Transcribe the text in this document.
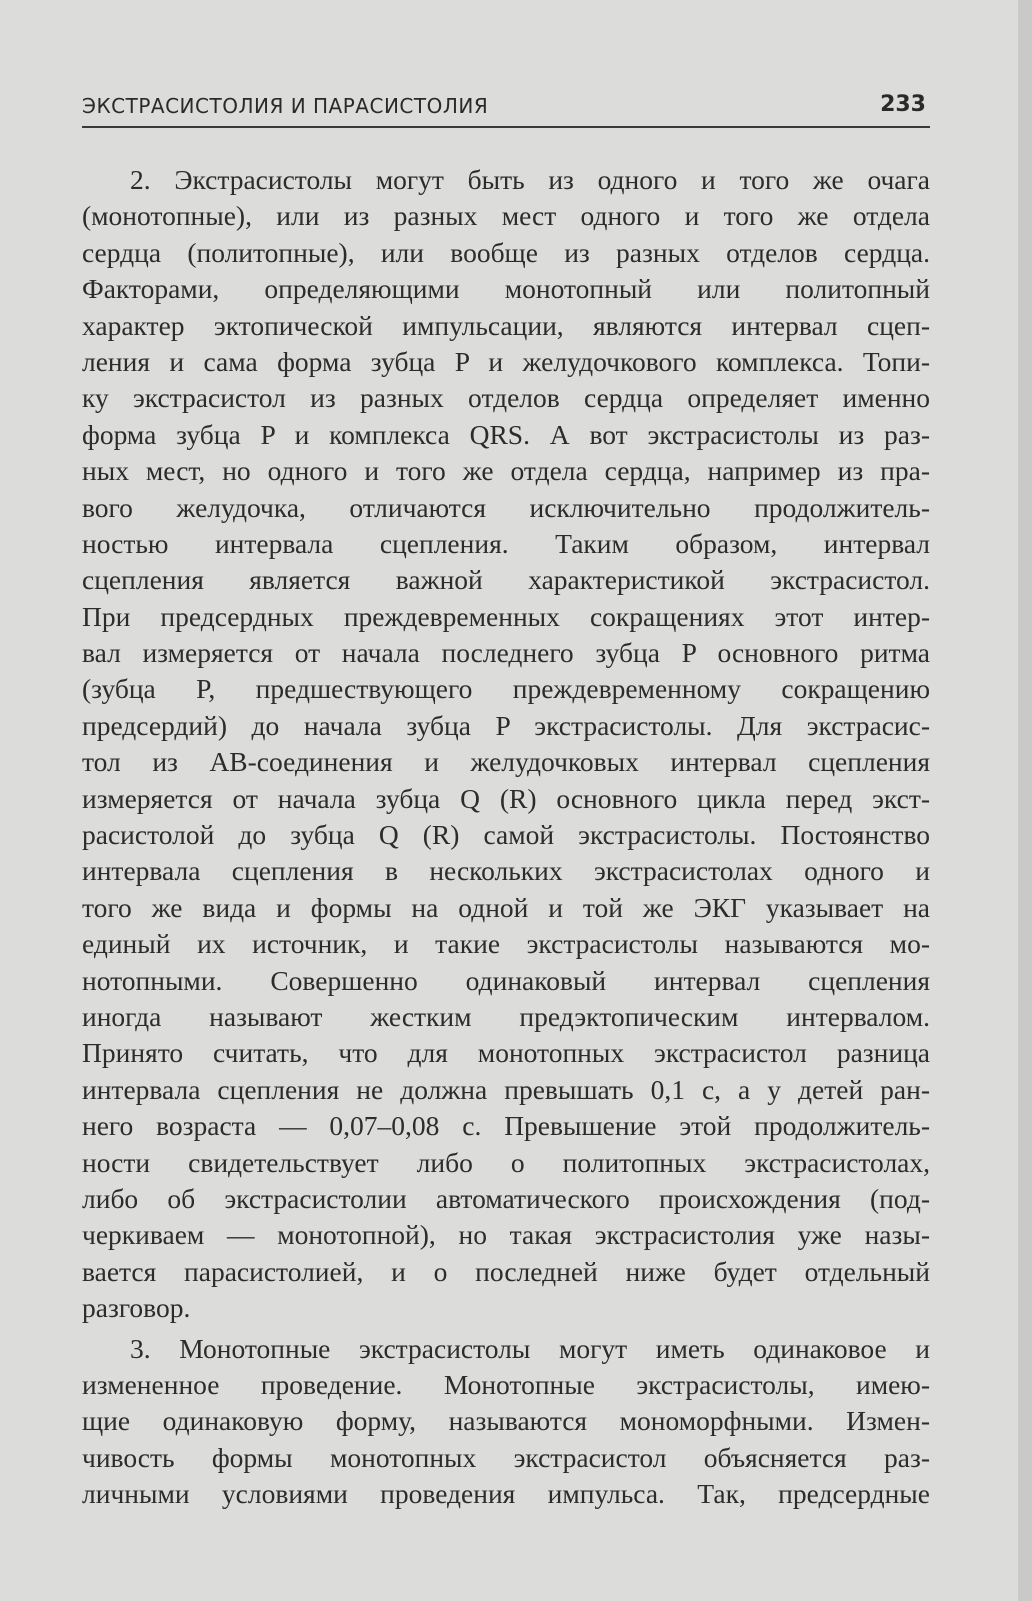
ЭКСТРАСИСТОЛИЯ И ПАРАСИСТОЛИЯ	233
2. Экстрасистолы могут быть из одного и того же очага
(монотопные), или из разных мест одного и того же отдела
сердца (политопные), или вообще из разных отделов сердца.
Факторами, определяющими монотопный или политопный
характер эктопической импульсации, являются интервал сцеп-
ления и сама форма зубца P и желудочкового комплекса. Топи-
ку экстрасистол из разных отделов сердца определяет именно
форма зубца P и комплекса QRS. А вот экстрасистолы из раз-
ных мест, но одного и того же отдела сердца, например из пра-
вого желудочка, отличаются исключительно продолжитель-
ностью интервала сцепления. Таким образом, интервал
сцепления является важной характеристикой экстрасистол.
При предсердных преждевременных сокращениях этот интер-
вал измеряется от начала последнего зубца P основного ритма
(зубца P, предшествующего преждевременному сокращению
предсердий) до начала зубца P экстрасистолы. Для экстрасис-
тол из АВ-соединения и желудочковых интервал сцепления
измеряется от начала зубца Q (R) основного цикла перед экст-
расистолой до зубца Q (R) самой экстрасистолы. Постоянство
интервала сцепления в нескольких экстрасистолах одного и
того же вида и формы на одной и той же ЭКГ указывает на
единый их источник, и такие экстрасистолы называются мо-
нотопными. Совершенно одинаковый интервал сцепления
иногда называют жестким предэктопическим интервалом.
Принято считать, что для монотопных экстрасистол разница
интервала сцепления не должна превышать 0,1 с, а у детей ран-
него возраста — 0,07–0,08 с. Превышение этой продолжитель-
ности свидетельствует либо о политопных экстрасистолах,
либо об экстрасистолии автоматического происхождения (под-
черкиваем — монотопной), но такая экстрасистолия уже назы-
вается парасистолией, и о последней ниже будет отдельный
разговор.
3. Монотопные экстрасистолы могут иметь одинаковое и
измененное проведение. Монотопные экстрасистолы, имею-
щие одинаковую форму, называются мономорфными. Измен-
чивость формы монотопных экстрасистол объясняется раз-
личными условиями проведения импульса. Так, предсердные
